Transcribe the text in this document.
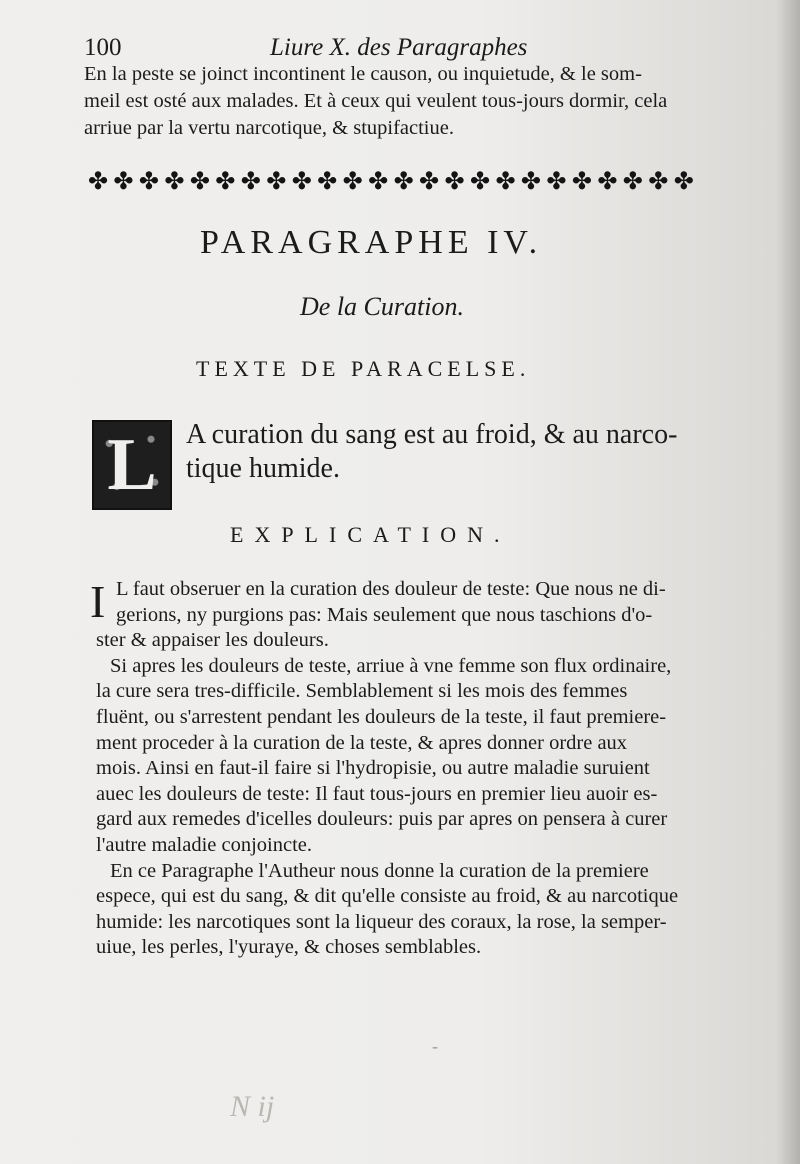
100	Liure X. des Paragraphes
En la peste se joinct incontinent le causon, ou inquietude, & le som-
meil est osté aux malades. Et à ceux qui veulent tous-jours dormir, cela
arriue par la vertu narcotique, & stupifactiue.
✤ ✤ ✤ ✤ ✤ ✤ ✤ ✤ ✤ ✤ ✤ ✤ ✤ ✤ ✤ ✤ ✤ ✤ ✤ ✤ ✤ ✤ ✤ ✤
PARAGRAPHE IV.
De la Curation.
TEXTE DE PARACELSE.
L	A curation du sang est au froid, & au narco-
tique humide.
EXPLICATION.
I L faut obseruer en la curation des douleur de teste: Que nous ne di-
gerions, ny purgions pas: Mais seulement que nous taschions d'o-
ster & appaiser les douleurs.
Si apres les douleurs de teste, arriue à vne femme son flux ordinaire,
la cure sera tres-difficile. Semblablement si les mois des femmes
fluënt, ou s'arrestent pendant les douleurs de la teste, il faut premiere-
ment proceder à la curation de la teste, & apres donner ordre aux
mois. Ainsi en faut-il faire si l'hydropisie, ou autre maladie suruient
auec les douleurs de teste: Il faut tous-jours en premier lieu auoir es-
gard aux remedes d'icelles douleurs: puis par apres on pensera à curer
l'autre maladie conjoincte.
En ce Paragraphe l'Autheur nous donne la curation de la premiere
espece, qui est du sang, & dit qu'elle consiste au froid, & au narcotique
humide: les narcotiques sont la liqueur des coraux, la rose, la semper-
uiue, les perles, l'yuraye, & choses semblables.
-
N ij
